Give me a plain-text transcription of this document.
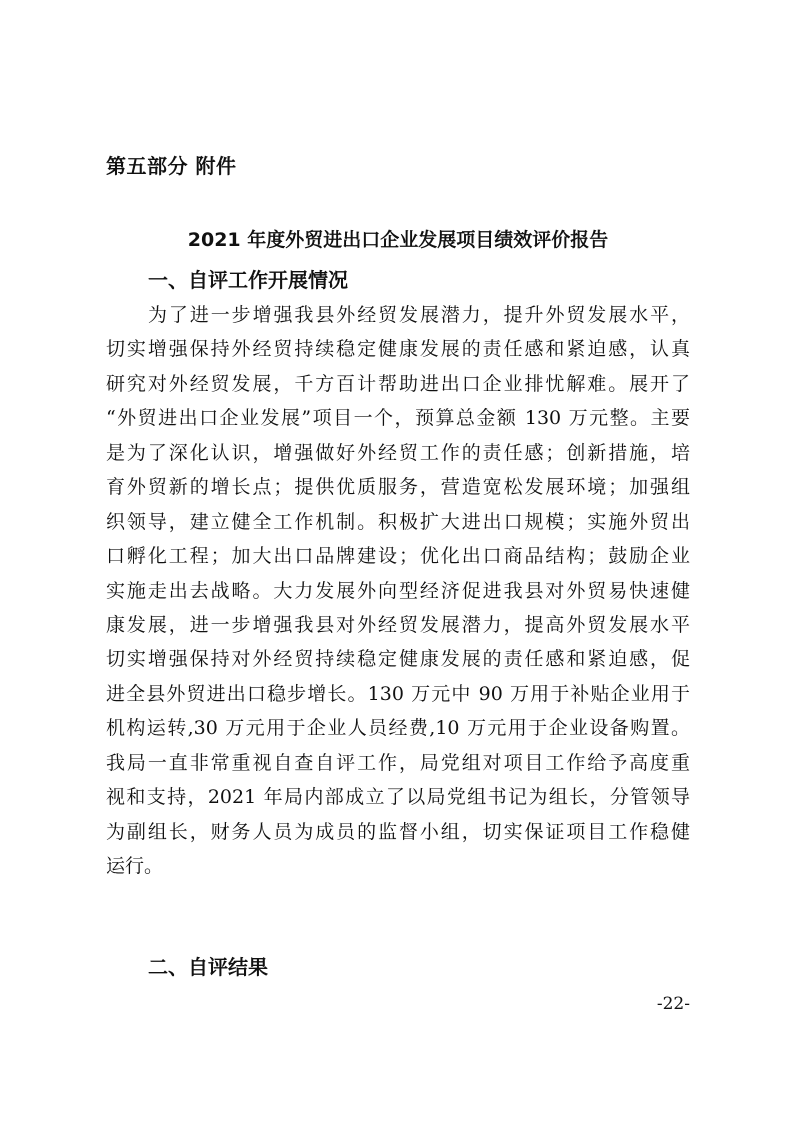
第五部分 附件
2021 年度外贸进出口企业发展项目绩效评价报告
一、自评工作开展情况
为了进一步增强我县外经贸发展潜力，提升外贸发展水平，
切实增强保持外经贸持续稳定健康发展的责任感和紧迫感，认真
研究对外经贸发展，千方百计帮助进出口企业排忧解难。展开了
“外贸进出口企业发展”项目一个，预算总金额 130 万元整。主要
是为了深化认识，增强做好外经贸工作的责任感；创新措施，培
育外贸新的增长点；提供优质服务，营造宽松发展环境；加强组
织领导，建立健全工作机制。积极扩大进出口规模；实施外贸出
口孵化工程；加大出口品牌建设；优化出口商品结构；鼓励企业
实施走出去战略。大力发展外向型经济促进我县对外贸易快速健
康发展，进一步增强我县对外经贸发展潜力，提高外贸发展水平
切实增强保持对外经贸持续稳定健康发展的责任感和紧迫感，促
进全县外贸进出口稳步增长。130 万元中 90 万用于补贴企业用于
机构运转,30 万元用于企业人员经费,10 万元用于企业设备购置。
我局一直非常重视自查自评工作，局党组对项目工作给予高度重
视和支持，2021 年局内部成立了以局党组书记为组长，分管领导
为副组长，财务人员为成员的监督小组，切实保证项目工作稳健
运行。
二、自评结果
-22-
